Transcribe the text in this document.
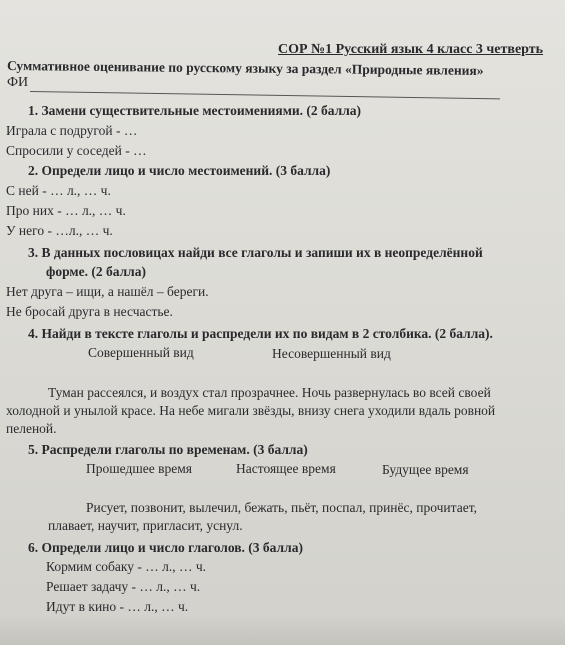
СОР №1 Русский язык 4 класс 3 четверть
Суммативное оценивание по русскому языку за раздел «Природные явления»
ФИ
1. Замени существительные местоимениями. (2 балла)
Играла с подругой - …
Спросили у соседей - …
2. Определи лицо и число местоимений. (3 балла)
С ней - … л., … ч.
Про них - … л., … ч.
У него - …л., … ч.
3. В данных пословицах найди все глаголы и запиши их в неопределённой
форме. (2 балла)
Нет друга – ищи, а нашёл – береги.
Не бросай друга в несчастье.
4. Найди в тексте глаголы и распредели их по видам в 2 столбика. (2 балла).
Совершенный вид	Несовершенный вид
Туман рассеялся, и воздух стал прозрачнее. Ночь развернулась во всей своей
холодной и унылой красе. На небе мигали звёзды, внизу снега уходили вдаль ровной
пеленой.
5. Распредели глаголы по временам. (3 балла)
Прошедшее время	Настоящее время	Будущее время
Рисует, позвонит, вылечил, бежать, пьёт, поспал, принёс, прочитает,
плавает, научит, пригласит, уснул.
6. Определи лицо и число глаголов. (3 балла)
Кормим собаку - … л., … ч.
Решает задачу - … л., … ч.
Идут в кино - … л., … ч.
